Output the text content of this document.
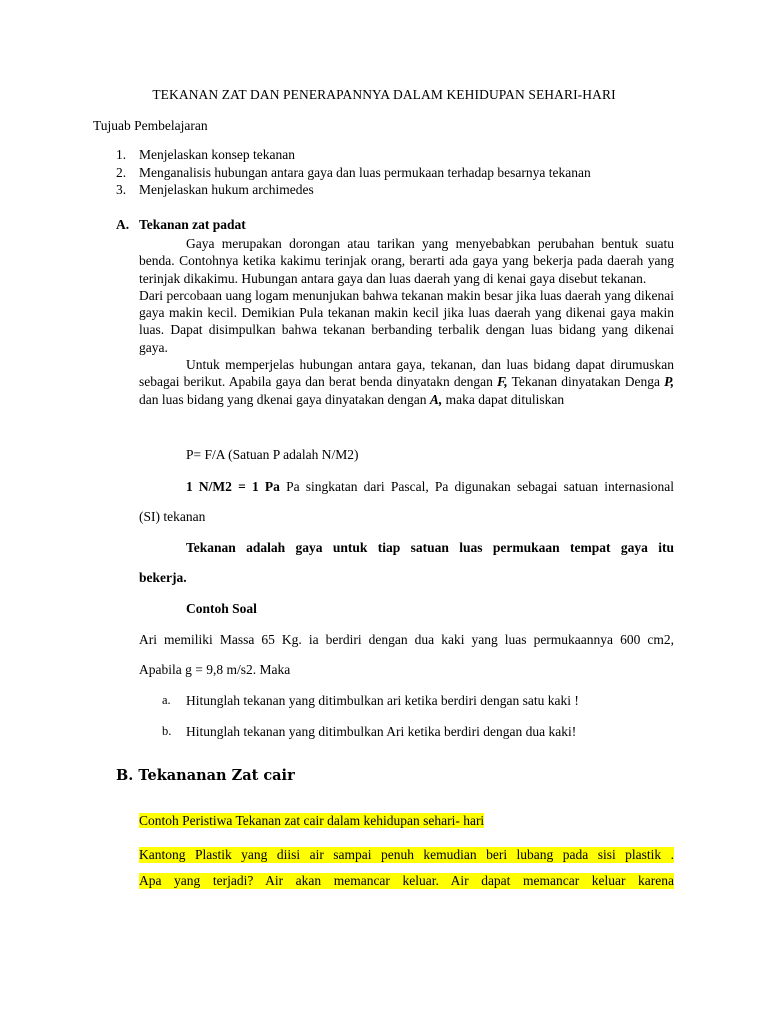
TEKANAN ZAT DAN PENERAPANNYA DALAM KEHIDUPAN SEHARI-HARI
Tujuab Pembelajaran
1. Menjelaskan konsep tekanan
2. Menganalisis hubungan antara gaya dan luas permukaan terhadap besarnya tekanan
3. Menjelaskan hukum archimedes
A. Tekanan zat padat

Gaya merupakan dorongan atau tarikan yang menyebabkan perubahan bentuk suatu benda. Contohnya ketika kakimu terinjak orang, berarti ada gaya yang bekerja pada daerah yang terinjak dikakimu. Hubungan antara gaya dan luas daerah yang di kenai gaya disebut tekanan.

Dari percobaan uang logam menunjukan bahwa tekanan makin besar jika luas daerah yang dikenai gaya makin kecil. Demikian Pula tekanan makin kecil jika luas daerah yang dikenai gaya makin luas. Dapat disimpulkan bahwa tekanan berbanding terbalik dengan luas bidang yang dikenai gaya.

Untuk memperjelas hubungan antara gaya, tekanan, dan luas bidang dapat dirumuskan sebagai berikut. Apabila gaya dan berat benda dinyatakn dengan F, Tekanan dinyatakan Denga P, dan luas bidang yang dkenai gaya dinyatakan dengan A, maka dapat dituliskan

P= F/A (Satuan P adalah N/M2)
1 N/M2 = 1 Pa Pa singkatan dari Pascal, Pa digunakan sebagai satuan internasional
(SI) tekanan
Tekanan adalah gaya untuk tiap satuan luas permukaan tempat gaya itu
bekerja.
Contoh Soal
Ari memiliki Massa 65 Kg. ia berdiri dengan dua kaki yang luas permukaannya 600 cm2,
Apabila g = 9,8 m/s2. Maka
a. Hitunglah tekanan yang ditimbulkan ari ketika berdiri dengan satu kaki !
b. Hitunglah tekanan yang ditimbulkan Ari ketika berdiri dengan dua kaki!
B. Tekananan Zat cair
Contoh Peristiwa Tekanan zat cair dalam kehidupan sehari- hari
Kantong Plastik yang diisi air sampai penuh kemudian beri lubang pada sisi plastik .
Apa yang terjadi? Air akan memancar keluar. Air dapat memancar keluar karena
